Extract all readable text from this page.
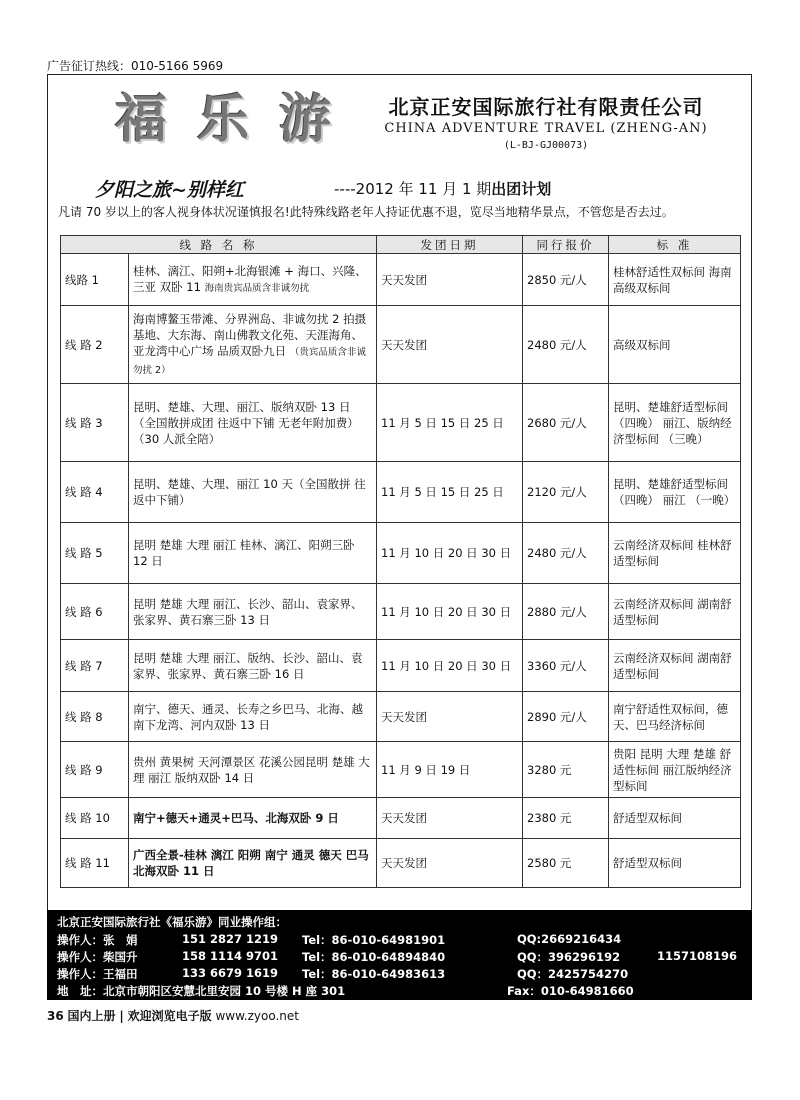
广告征订热线：010-5166 5969
福 乐 游	北京正安国际旅行社有限责任公司
CHINA ADVENTURE TRAVEL (ZHENG-AN)
(L-BJ-GJ00073)
夕阳之旅~别样红	----2012 年 11 月 1 期出团计划
凡请 70 岁以上的客人视身体状况谨慎报名!此特殊线路老年人持证优惠不退，览尽当地精华景点，不管您是否去过。
线 路 名 称		发团日期	同行报价	标 准
线路 1	桂林、漓江、阳朔+北海银滩 + 海口、兴隆、三亚 双卧 11 海南贵宾品质含非诚勿扰	天天发团	2850 元/人	桂林舒适性双标间 海南高级双标间
线 路 2	海南博鳌玉带滩、分界洲岛、非诚勿扰 2 拍摄基地、大东海、南山佛教文化苑、天涯海角、亚龙湾中心广场 品质双卧九日 （贵宾品质含非诚勿扰 2）	天天发团	2480 元/人	高级双标间
线 路 3	昆明、楚雄、大理、丽江、版纳双卧 13 日（全国散拼成团 往返中下铺 无老年附加费）（30 人派全陪）	11 月 5 日 15 日 25 日	2680 元/人	昆明、楚雄舒适型标间 （四晚） 丽江、版纳经济型标间 （三晚）
线 路 4	昆明、楚雄、大理、丽江 10 天（全国散拼 往返中下铺）	11 月 5 日 15 日 25 日	2120 元/人	昆明、楚雄舒适型标间 （四晚） 丽江 （一晚）
线 路 5	昆明 楚雄 大理 丽江 桂林、漓江、阳朔三卧 12 日	11 月 10 日 20 日 30 日	2480 元/人	云南经济双标间 桂林舒适型标间
线 路 6	昆明 楚雄 大理 丽江、长沙、韶山、袁家界、张家界、黄石寨三卧 13 日	11 月 10 日 20 日 30 日	2880 元/人	云南经济双标间 湖南舒适型标间
线 路 7	昆明 楚雄 大理 丽江、版纳、长沙、韶山、袁家界、张家界、黄石寨三卧 16 日	11 月 10 日 20 日 30 日	3360 元/人	云南经济双标间 湖南舒适型标间
线 路 8	南宁、德天、通灵、长寿之乡巴马、北海、越南下龙湾、河内双卧 13 日	天天发团	2890 元/人	南宁舒适性双标间，德天、巴马经济标间
线 路 9	贵州 黄果树 天河潭景区 花溪公园昆明 楚雄 大理 丽江 版纳双卧 14 日	11 月 9 日 19 日	3280 元	贵阳 昆明 大理 楚雄 舒适性标间 丽江版纳经济型标间
线 路 10	南宁+德天+通灵+巴马、北海双卧 9 日	天天发团	2380 元	舒适型双标间
线 路 11	广西全景-桂林 漓江 阳朔 南宁 通灵 德天 巴马 北海双卧 11 日	天天发团	2580 元	舒适型双标间
北京正安国际旅行社《福乐游》同业操作组：
操作人：张　娟	151 2827 1219 Tel：86-010-64981901	QQ:2669216434
操作人：柴国升	158 1114 9701 Tel：86-010-64894840	QQ：396296192	1157108196
操作人：王福田	133 6679 1619 Tel：86-010-64983613	QQ：2425754270
地　址：北京市朝阳区安慧北里安园 10 号楼 H 座 301	Fax：010-64981660
36 国内上册 | 欢迎浏览电子版 www.zyoo.net
